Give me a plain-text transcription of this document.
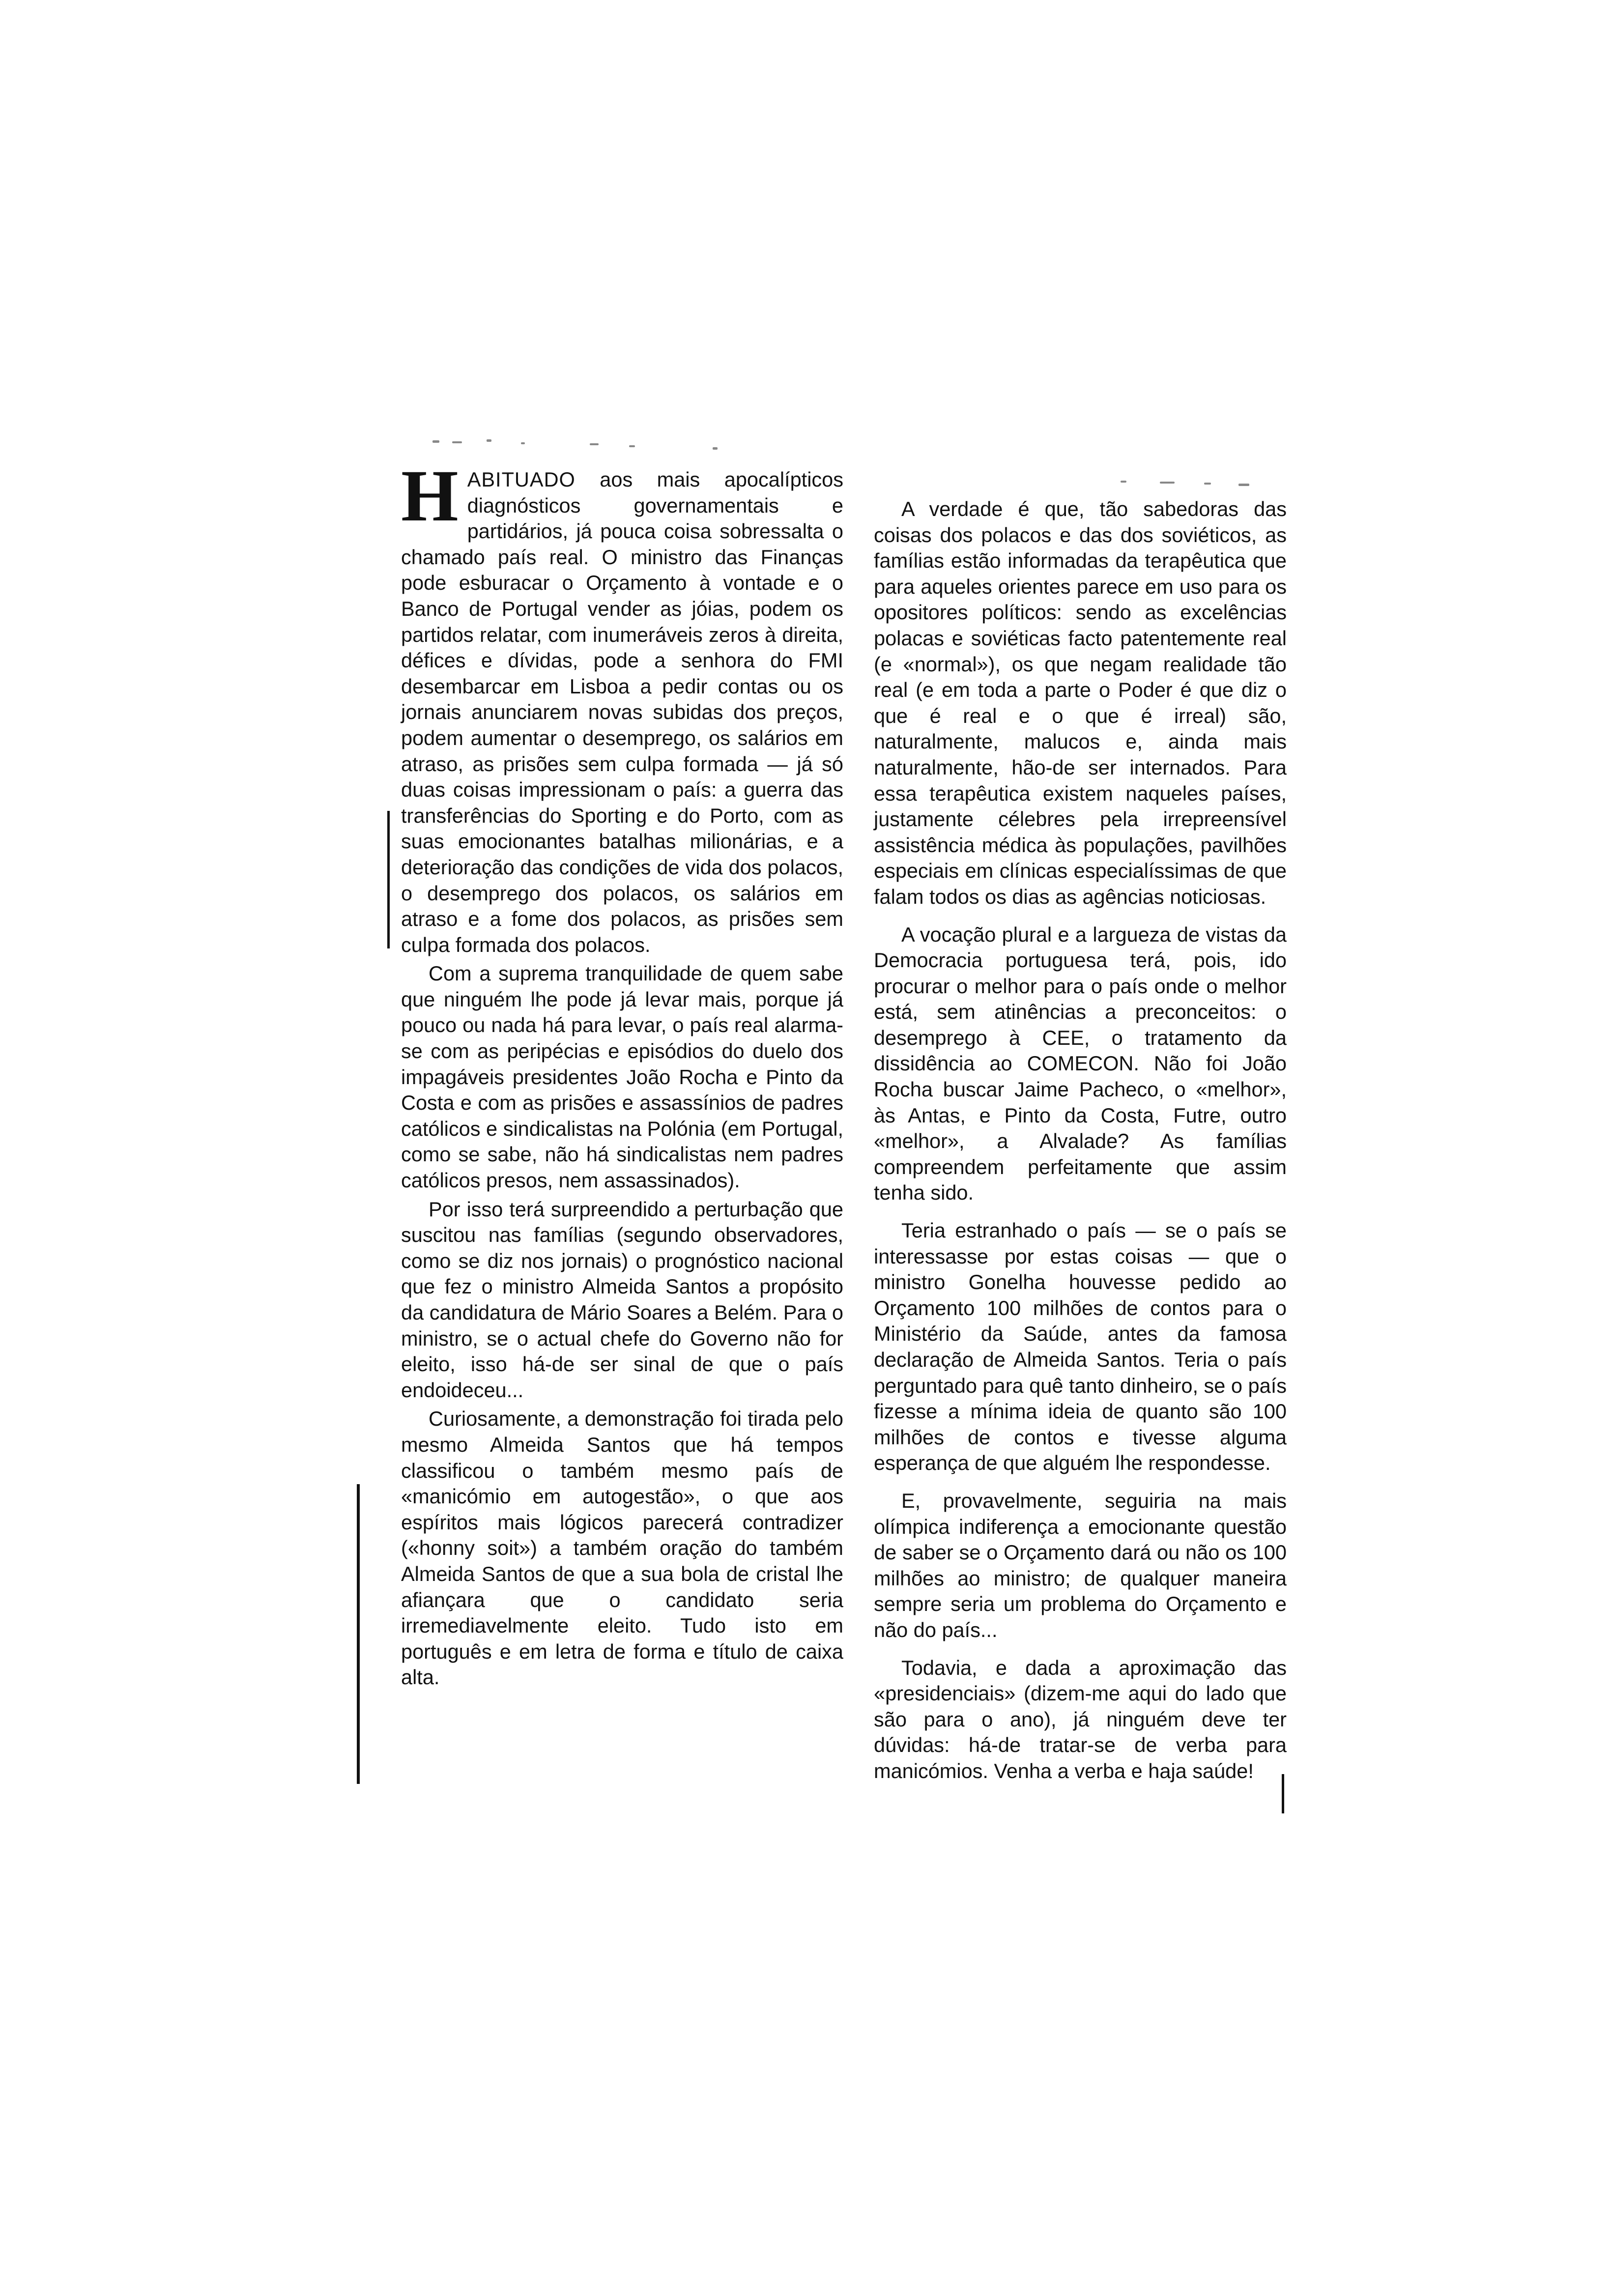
HABITUADO aos mais apocalípticos diagnósticos governamentais e partidários, já pouca coisa sobressalta o chamado país real. O ministro das Finanças pode esburacar o Orçamento à vontade e o Banco de Portugal vender as jóias, podem os partidos relatar, com inumeráveis zeros à direita, défices e dívidas, pode a senhora do FMI desembarcar em Lisboa a pedir contas ou os jornais anunciarem novas subidas dos preços, podem aumentar o desemprego, os salários em atraso, as prisões sem culpa formada — já só duas coisas impressionam o país: a guerra das transferências do Sporting e do Porto, com as suas emocionantes batalhas milionárias, e a deterioração das condições de vida dos polacos, o desemprego dos polacos, os salários em atraso e a fome dos polacos, as prisões sem culpa formada dos polacos.

Com a suprema tranquilidade de quem sabe que ninguém lhe pode já levar mais, porque já pouco ou nada há para levar, o país real alarma-se com as peripécias e episódios do duelo dos impagáveis presidentes João Rocha e Pinto da Costa e com as prisões e assassínios de padres católicos e sindicalistas na Polónia (em Portugal, como se sabe, não há sindicalistas nem padres católicos presos, nem assassinados).

Por isso terá surpreendido a perturbação que suscitou nas famílias (segundo observadores, como se diz nos jornais) o prognóstico nacional que fez o ministro Almeida Santos a propósito da candidatura de Mário Soares a Belém. Para o ministro, se o actual chefe do Governo não for eleito, isso há-de ser sinal de que o país endoideceu...

Curiosamente, a demonstração foi tirada pelo mesmo Almeida Santos que há tempos classificou o também mesmo país de «manicómio em autogestão», o que aos espíritos mais lógicos parecerá contradizer («honny soit») a também oração do também Almeida Santos de que a sua bola de cristal lhe afiançara que o candidato seria irremediavelmente eleito. Tudo isto em português e em letra de forma e título de caixa alta.

A verdade é que, tão sabedoras das coisas dos polacos e das dos soviéticos, as famílias estão informadas da terapêutica que para aqueles orientes parece em uso para os opositores políticos: sendo as excelências polacas e soviéticas facto patentemente real (e «normal»), os que negam realidade tão real (e em toda a parte o Poder é que diz o que é real e o que é irreal) são, naturalmente, malucos e, ainda mais naturalmente, hão-de ser internados. Para essa terapêutica existem naqueles países, justamente célebres pela irrepreensível assistência médica às populações, pavilhões especiais em clínicas especialíssimas de que falam todos os dias as agências noticiosas.

A vocação plural e a largueza de vistas da Democracia portuguesa terá, pois, ido procurar o melhor para o país onde o melhor está, sem atinências a preconceitos: o desemprego à CEE, o tratamento da dissidência ao COMECON. Não foi João Rocha buscar Jaime Pacheco, o «melhor», às Antas, e Pinto da Costa, Futre, outro «melhor», a Alvalade? As famílias compreendem perfeitamente que assim tenha sido.

Teria estranhado o país — se o país se interessasse por estas coisas — que o ministro Gonelha houvesse pedido ao Orçamento 100 milhões de contos para o Ministério da Saúde, antes da famosa declaração de Almeida Santos. Teria o país perguntado para quê tanto dinheiro, se o país fizesse a mínima ideia de quanto são 100 milhões de contos e tivesse alguma esperança de que alguém lhe respondesse.

E, provavelmente, seguiria na mais olímpica indiferença a emocionante questão de saber se o Orçamento dará ou não os 100 milhões ao ministro; de qualquer maneira sempre seria um problema do Orçamento e não do país...

Todavia, e dada a aproximação das «presidenciais» (dizem-me aqui do lado que são para o ano), já ninguém deve ter dúvidas: há-de tratar-se de verba para manicómios. Venha a verba e haja saúde!
